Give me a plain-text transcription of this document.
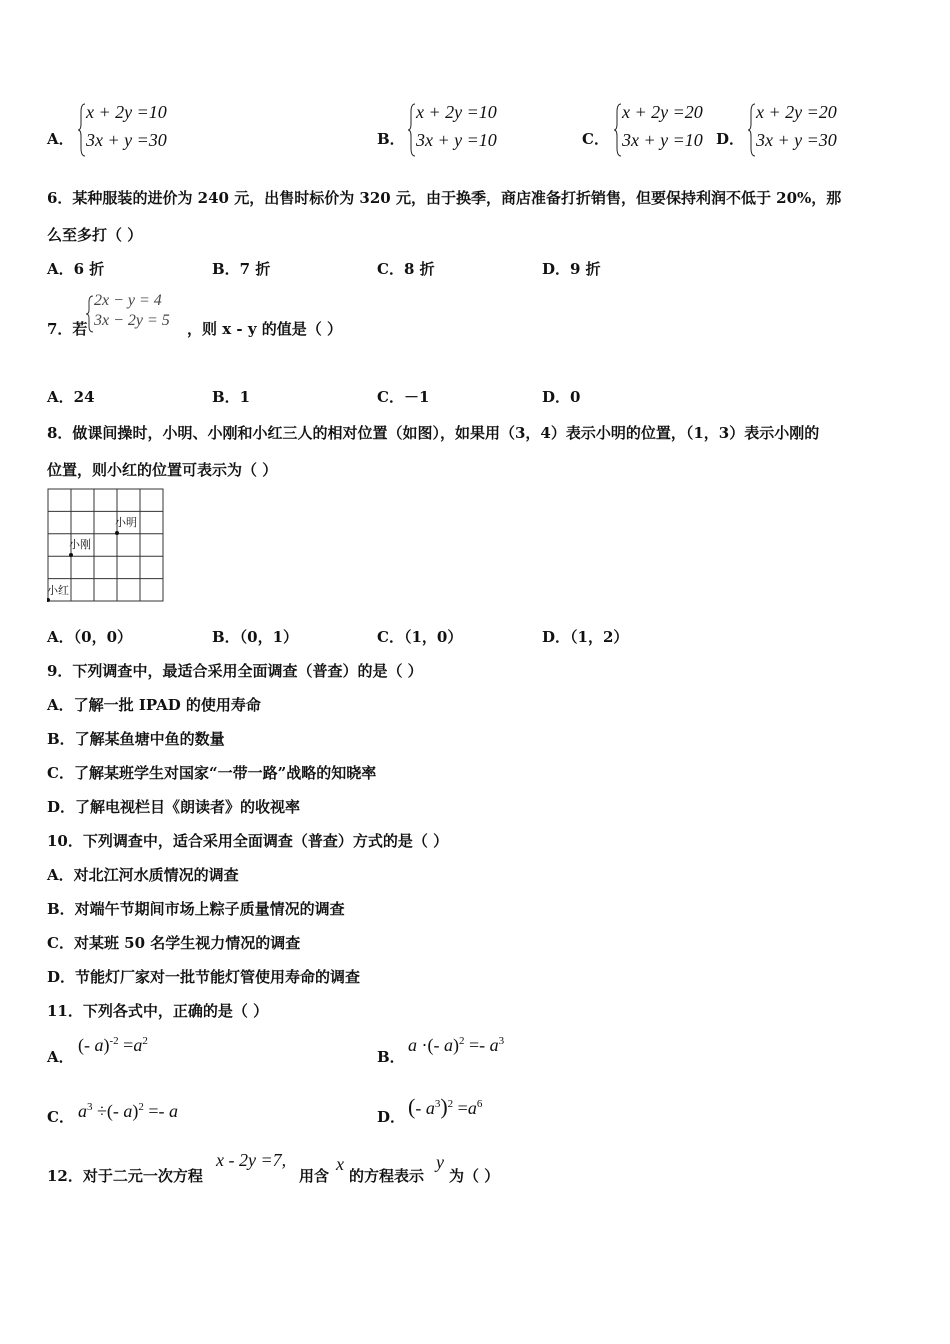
A．
x + 2y =10
3x + y =30	B．
x + 2y =10
3x + y =10	C．
x + 2y =20
3x + y =10 D．
x + 2y =20
3x + y =30
6．某种服装的进价为 240 元，出售时标价为 320 元，由于换季，商店准备打折销售，但要保持利润不低于 20%，那
么至多打（ ）
A．6 折	B．7 折	C．8 折	D．9 折
7．若
2x − y = 4
3x − 2y = 5 ，则 x - y 的值是（ ）
A．24	B．1	C．－1	D．0
8．做课间操时，小明、小刚和小红三人的相对位置（如图），如果用（3，4）表示小明的位置，（1，3）表示小刚的
位置，则小红的位置可表示为（ ）
小明
小刚
小红
A．（0，0）	B．（0，1）	C．（1，0）	D．（1，2）
9．下列调查中，最适合采用全面调查（普查）的是（ ）
A．了解一批 IPAD 的使用寿命
B．了解某鱼塘中鱼的数量
C．了解某班学生对国家“一带一路”战略的知晓率
D．了解电视栏目《朗读者》的收视率
10．下列调查中，适合采用全面调查（普查）方式的是（ ）
A．对北江河水质情况的调查
B．对端午节期间市场上粽子质量情况的调查
C．对某班 50 名学生视力情况的调查
D．节能灯厂家对一批节能灯管使用寿命的调查
11．下列各式中，正确的是（ ）
A．
(- $a)^{-2} =a^2$
B．
a ·(- $a)^2 =- a^3$
C． $a^3$ ÷(- a)$^2$ =- a	D． (- $a^3)^2 =a^6$
12．对于二元一次方程
x - 2y =7,
用含
x
的方程表示
y
为（ ）
